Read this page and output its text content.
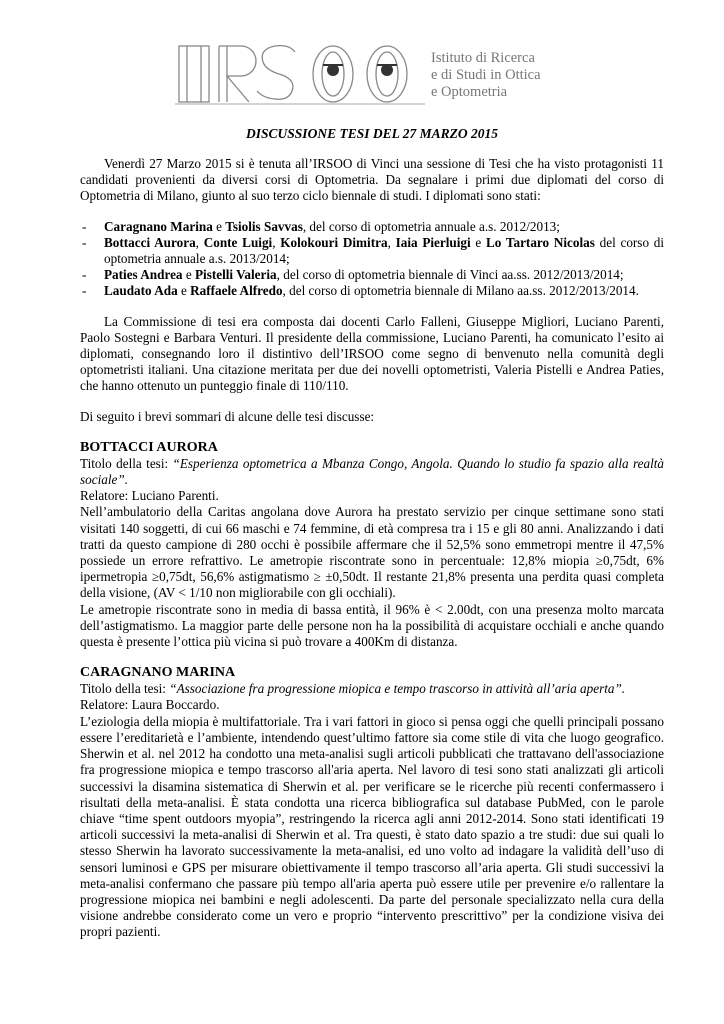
Istituto di Ricerca
e di Studi in Ottica
e Optometria
DISCUSSIONE TESI DEL 27 MARZO 2015

Venerdì 27 Marzo 2015 si è tenuta all’IRSOO di Vinci una sessione di Tesi che ha visto protagonisti 11 candidati provenienti da diversi corsi di Optometria. Da segnalare i primi due diplomati del corso di Optometria di Milano, giunto al suo terzo ciclo biennale di studi. I diplomati sono stati:

- Caragnano Marina e Tsiolis Savvas, del corso di optometria annuale a.s. 2012/2013;
- Bottacci Aurora, Conte Luigi, Kolokouri Dimitra, Iaia Pierluigi e Lo Tartaro Nicolas del corso di optometria annuale a.s. 2013/2014;
- Paties Andrea e Pistelli Valeria, del corso di optometria biennale di Vinci aa.ss. 2012/2013/2014;
- Laudato Ada e Raffaele Alfredo, del corso di optometria biennale di Milano aa.ss. 2012/2013/2014.

La Commissione di tesi era composta dai docenti Carlo Falleni, Giuseppe Migliori, Luciano Parenti, Paolo Sostegni e Barbara Venturi. Il presidente della commissione, Luciano Parenti, ha comunicato l’esito ai diplomati, consegnando loro il distintivo dell’IRSOO come segno di benvenuto nella comunità degli optometristi italiani. Una citazione meritata per due dei novelli optometristi, Valeria Pistelli e Andrea Paties, che hanno ottenuto un punteggio finale di 110/110.

Di seguito i brevi sommari di alcune delle tesi discusse:

BOTTACCI AURORA

Titolo della tesi: “Esperienza optometrica a Mbanza Congo, Angola. Quando lo studio fa spazio alla realtà sociale”.

Relatore: Luciano Parenti.

Nell’ambulatorio della Caritas angolana dove Aurora ha prestato servizio per cinque settimane sono stati visitati 140 soggetti, di cui 66 maschi e 74 femmine, di età compresa tra i 15 e gli 80 anni. Analizzando i dati tratti da questo campione di 280 occhi è possibile affermare che il 52,5% sono emmetropi mentre il 47,5% possiede un errore refrattivo. Le ametropie riscontrate sono in percentuale: 12,8% miopia ≥0,75dt, 6% ipermetropia ≥0,75dt, 56,6% astigmatismo ≥ ±0,50dt. Il restante 21,8% presenta una perdita quasi completa della visione, (AV < 1/10 non migliorabile con gli occhiali).

Le ametropie riscontrate sono in media di bassa entità, il 96% è < 2.00dt, con una presenza molto marcata dell’astigmatismo. La maggior parte delle persone non ha la possibilità di acquistare occhiali e anche quando questa è presente l’ottica più vicina si può trovare a 400Km di distanza.

CARAGNANO MARINA

Titolo della tesi: “Associazione fra progressione miopica e tempo trascorso in attività all’aria aperta”.

Relatore: Laura Boccardo.

L’eziologia della miopia è multifattoriale. Tra i vari fattori in gioco si pensa oggi che quelli principali possano essere l’ereditarietà e l’ambiente, intendendo quest’ultimo fattore sia come stile di vita che luogo geografico. Sherwin et al. nel 2012 ha condotto una meta-analisi sugli articoli pubblicati che trattavano dell'associazione fra progressione miopica e tempo trascorso all'aria aperta. Nel lavoro di tesi sono stati analizzati gli articoli successivi la disamina sistematica di Sherwin et al. per verificare se le ricerche più recenti confermassero i risultati della meta-analisi. È stata condotta una ricerca bibliografica sul database PubMed, con le parole chiave “time spent outdoors myopia”, restringendo la ricerca agli anni 2012-2014. Sono stati identificati 19 articoli successivi la meta-analisi di Sherwin et al. Tra questi, è stato dato spazio a tre studi: due sui quali lo stesso Sherwin ha lavorato successivamente la meta-analisi, ed uno volto ad indagare la validità dell’uso di sensori luminosi e GPS per misurare obiettivamente il tempo trascorso all’aria aperta. Gli studi successivi la meta-analisi confermano che passare più tempo all'aria aperta può essere utile per prevenire e/o rallentare la progressione miopica nei bambini e negli adolescenti. Da parte del personale specializzato nella cura della visione andrebbe considerato come un vero e proprio “intervento prescrittivo” per la condizione visiva dei propri pazienti.
